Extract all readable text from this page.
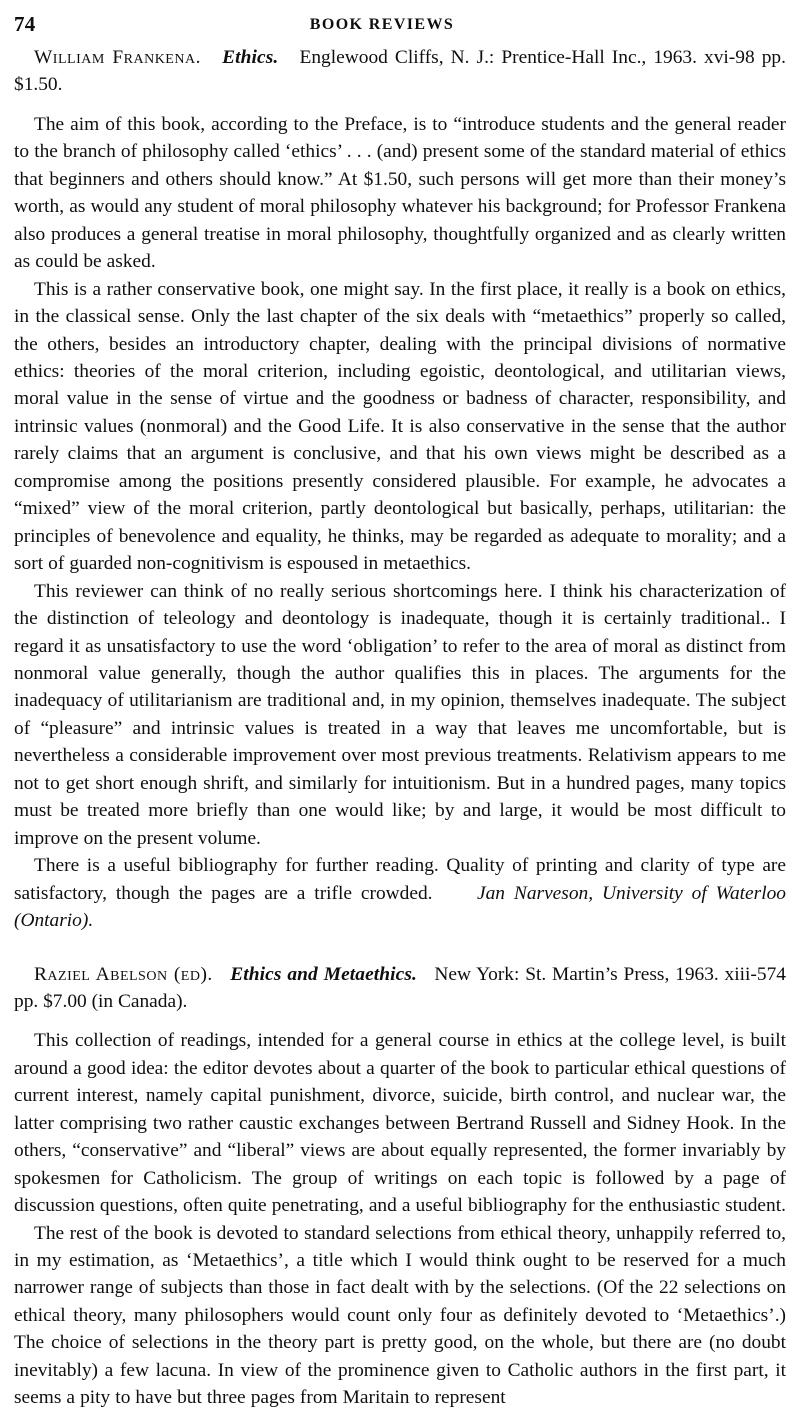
74	BOOK REVIEWS
William Frankena. Ethics. Englewood Cliffs, N. J.: Prentice-Hall Inc., 1963. xvi-98 pp. $1.50.

The aim of this book, according to the Preface, is to “introduce students and the general reader to the branch of philosophy called ‘ethics’ . . . (and) present some of the standard material of ethics that beginners and others should know.” At $1.50, such persons will get more than their money’s worth, as would any student of moral philosophy whatever his background; for Professor Frankena also produces a general treatise in moral philosophy, thoughtfully organized and as clearly written as could be asked.

This is a rather conservative book, one might say. In the first place, it really is a book on ethics, in the classical sense. Only the last chapter of the six deals with “metaethics” properly so called, the others, besides an introductory chapter, dealing with the principal divisions of normative ethics: theories of the moral criterion, including egoistic, deontological, and utilitarian views, moral value in the sense of virtue and the goodness or badness of character, responsibility, and intrinsic values (nonmoral) and the Good Life. It is also conservative in the sense that the author rarely claims that an argument is conclusive, and that his own views might be described as a compromise among the positions presently considered plausible. For example, he advocates a “mixed” view of the moral criterion, partly deontological but basically, perhaps, utilitarian: the principles of benevolence and equality, he thinks, may be regarded as adequate to morality; and a sort of guarded non-cognitivism is espoused in metaethics.

This reviewer can think of no really serious shortcomings here. I think his characterization of the distinction of teleology and deontology is inadequate, though it is certainly traditional.. I regard it as unsatisfactory to use the word ‘obligation’ to refer to the area of moral as distinct from nonmoral value generally, though the author qualifies this in places. The arguments for the inadequacy of utilitarianism are traditional and, in my opinion, themselves inadequate. The subject of “pleasure” and intrinsic values is treated in a way that leaves me uncomfortable, but is nevertheless a considerable improvement over most previous treatments. Relativism appears to me not to get short enough shrift, and similarly for intuitionism. But in a hundred pages, many topics must be treated more briefly than one would like; by and large, it would be most difficult to improve on the present volume.

There is a useful bibliography for further reading. Quality of printing and clarity of type are satisfactory, though the pages are a trifle crowded. Jan Narveson, University of Waterloo (Ontario).

Raziel Abelson (ed). Ethics and Metaethics. New York: St. Martin’s Press, 1963. xiii-574 pp. $7.00 (in Canada).

This collection of readings, intended for a general course in ethics at the college level, is built around a good idea: the editor devotes about a quarter of the book to particular ethical questions of current interest, namely capital punishment, divorce, suicide, birth control, and nuclear war, the latter comprising two rather caustic exchanges between Bertrand Russell and Sidney Hook. In the others, “conservative” and “liberal” views are about equally represented, the former invariably by spokesmen for Catholicism. The group of writings on each topic is followed by a page of discussion questions, often quite penetrating, and a useful bibliography for the enthusiastic student.

The rest of the book is devoted to standard selections from ethical theory, unhappily referred to, in my estimation, as ‘Metaethics’, a title which I would think ought to be reserved for a much narrower range of subjects than those in fact dealt with by the selections. (Of the 22 selections on ethical theory, many philosophers would count only four as definitely devoted to ‘Metaethics’.) The choice of selections in the theory part is pretty good, on the whole, but there are (no doubt inevitably) a few lacuna. In view of the prominence given to Catholic authors in the first part, it seems a pity to have but three pages from Maritain to represent
